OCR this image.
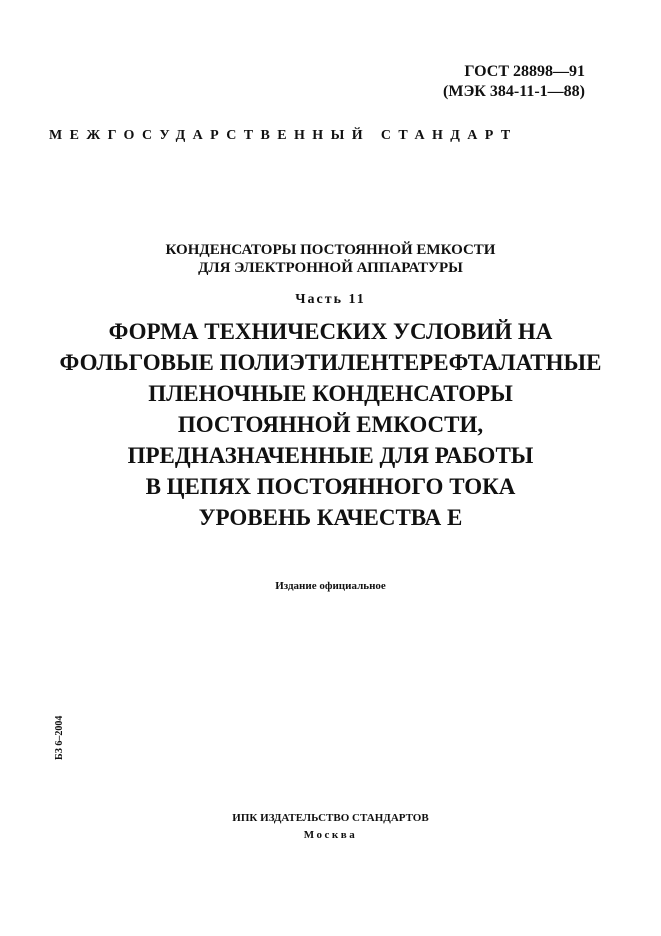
ГОСТ 28898—91
(МЭК 384-11-1—88)
МЕЖГОСУДАРСТВЕННЫЙ СТАНДАРТ
КОНДЕНСАТОРЫ ПОСТОЯННОЙ ЕМКОСТИ
ДЛЯ ЭЛЕКТРОННОЙ АППАРАТУРЫ
Часть 11
ФОРМА ТЕХНИЧЕСКИХ УСЛОВИЙ НА
ФОЛЬГОВЫЕ ПОЛИЭТИЛЕНТЕРЕФТАЛАТНЫЕ
ПЛЕНОЧНЫЕ КОНДЕНСАТОРЫ
ПОСТОЯННОЙ ЕМКОСТИ,
ПРЕДНАЗНАЧЕННЫЕ ДЛЯ РАБОТЫ
В ЦЕПЯХ ПОСТОЯННОГО ТОКА
УРОВЕНЬ КАЧЕСТВА Е
Издание официальное
БЗ 6–2004
ИПК ИЗДАТЕЛЬСТВО СТАНДАРТОВ
Москва
